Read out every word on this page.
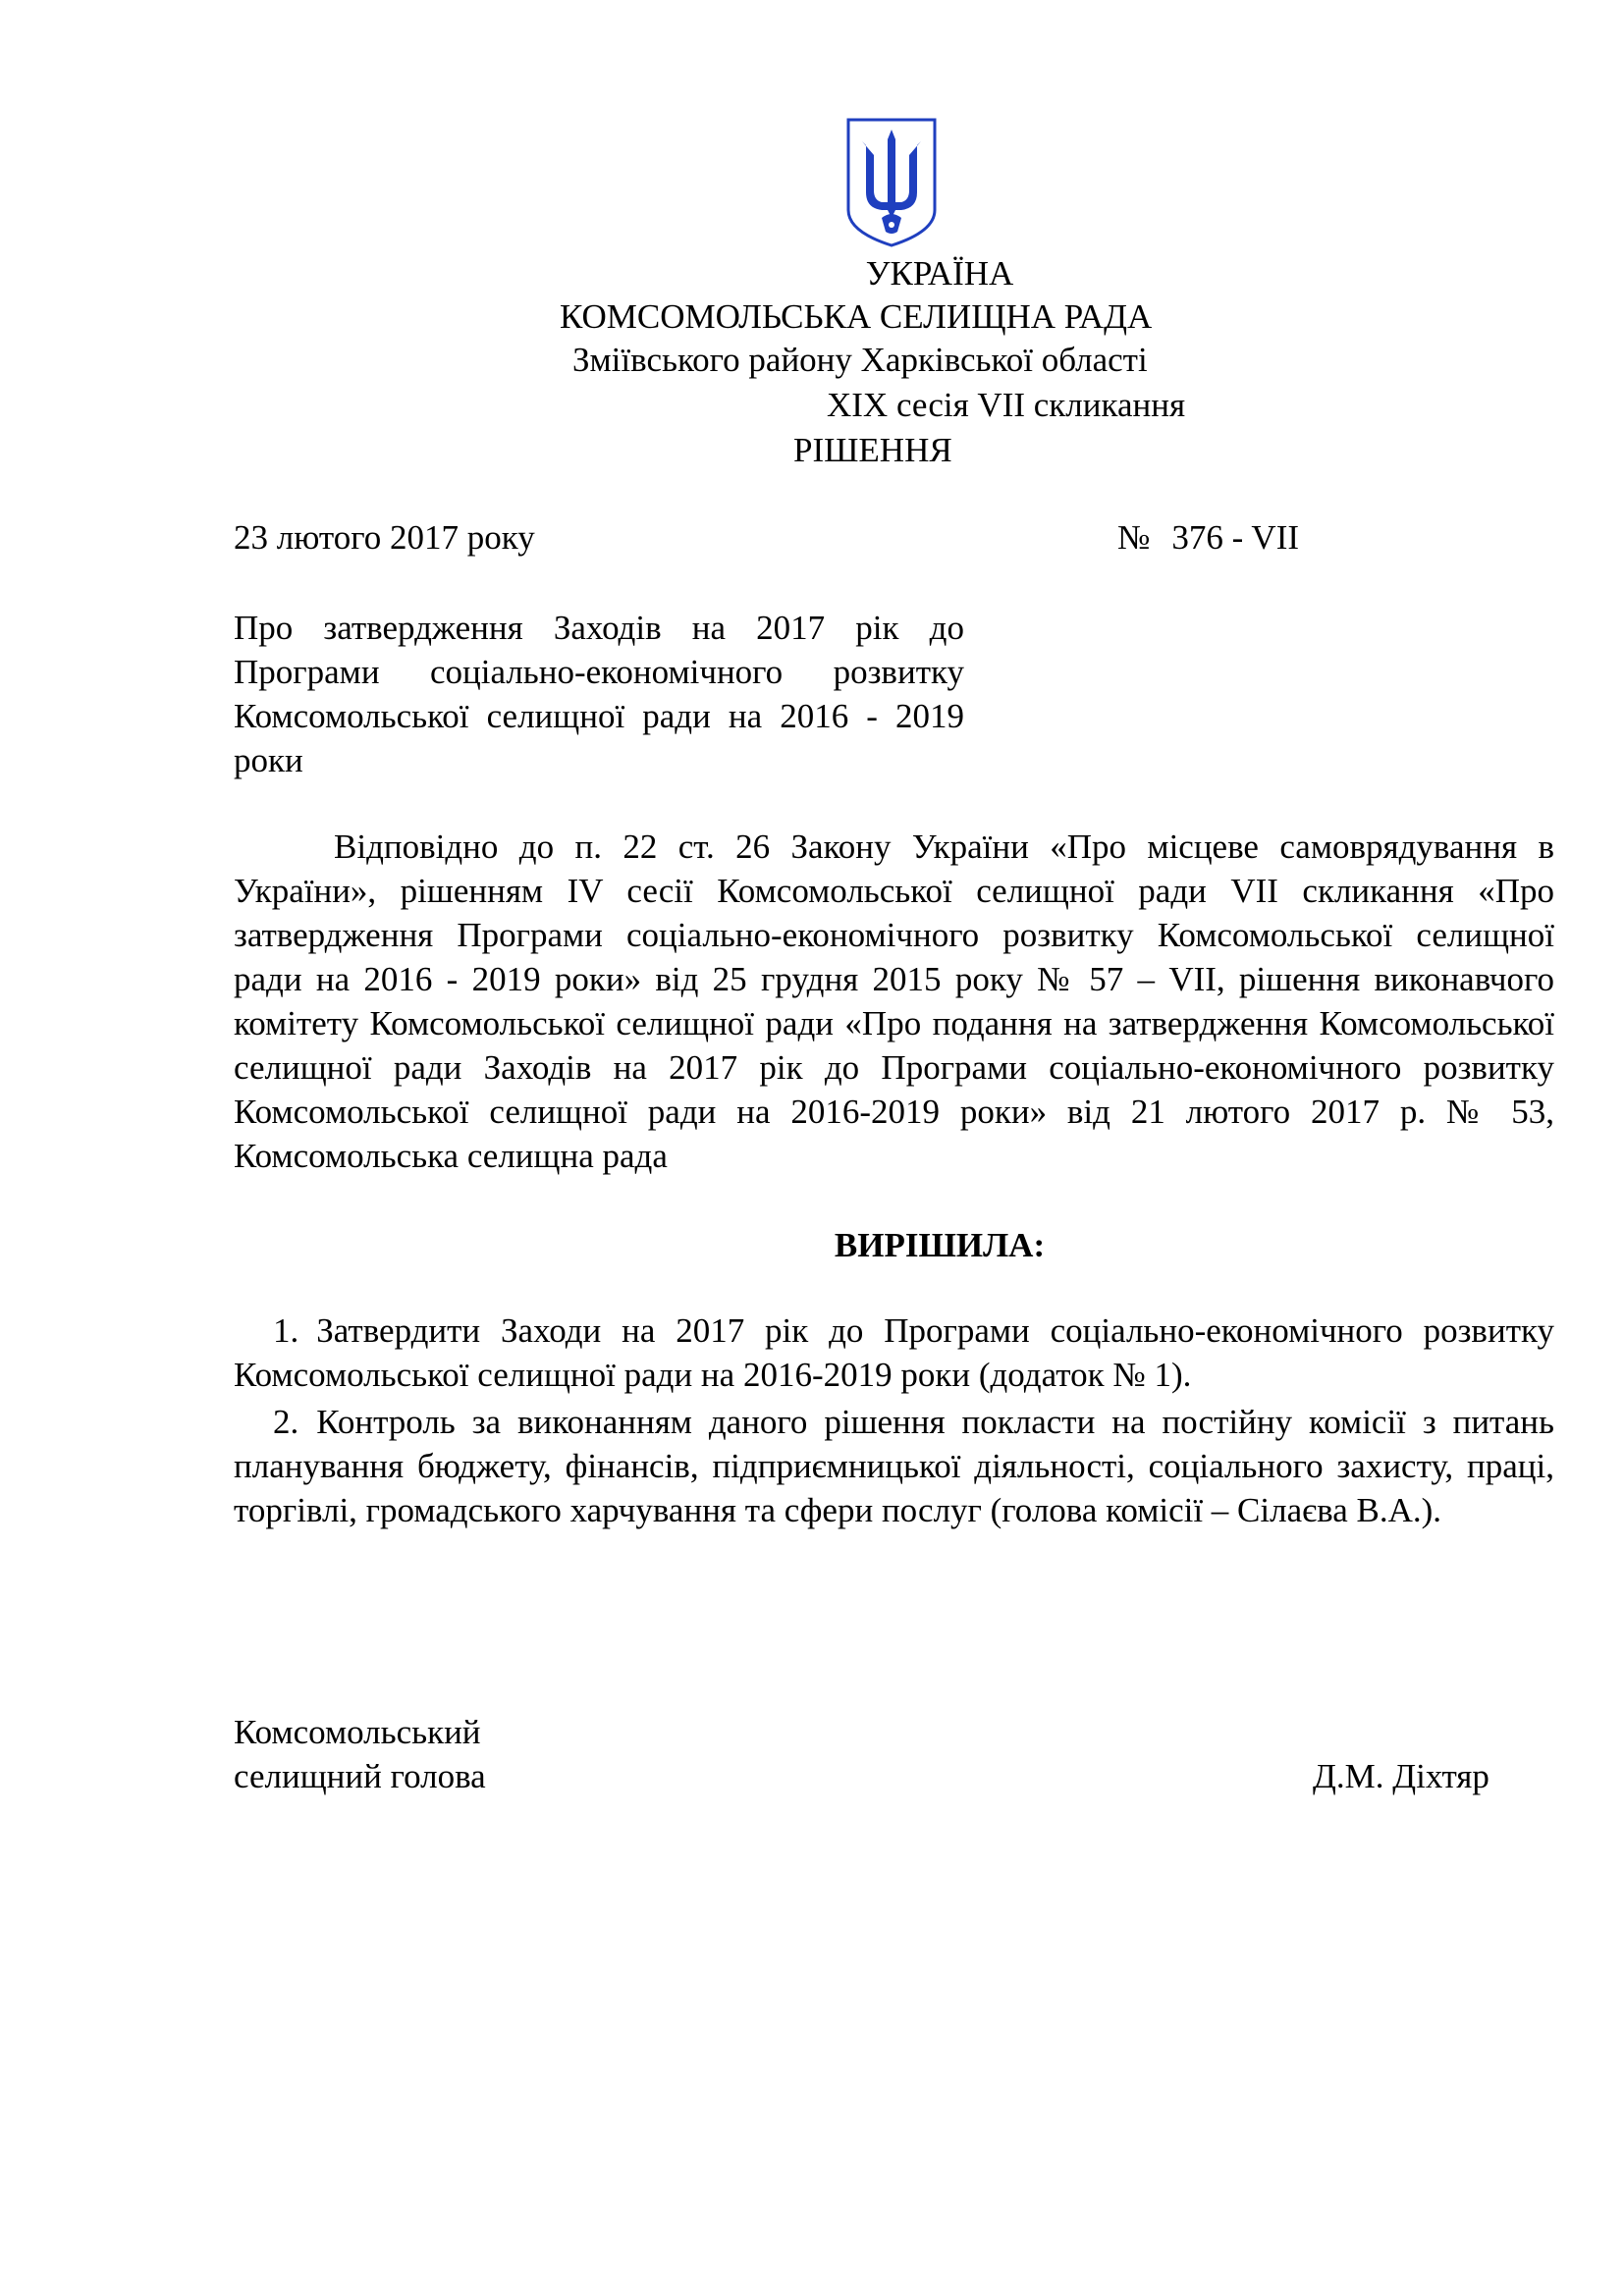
УКРАЇНА
КОМСОМОЛЬСЬКА СЕЛИЩНА РАДА
Зміївського району Харківської області
XIX сесія VII скликання
РІШЕННЯ
23 лютого 2017 року	№ 376 - VII
Про затвердження Заходів на 2017 рік до Програми соціально-економічного розвитку Комсомольської селищної ради на 2016 - 2019 роки
Відповідно до п. 22 ст. 26 Закону України «Про місцеве самоврядування в України», рішенням IV сесії Комсомольської селищної ради VII скликання «Про затвердження Програми соціально-економічного розвитку Комсомольської селищної ради на 2016 - 2019 роки» від 25 грудня 2015 року № 57 – VII, рішення виконавчого комітету Комсомольської селищної ради «Про подання на затвердження Комсомольської селищної ради Заходів на 2017 рік до Програми соціально-економічного розвитку Комсомольської селищної ради на 2016-2019 роки» від 21 лютого 2017 р. № 53, Комсомольська селищна рада
ВИРІШИЛА:

1. Затвердити Заходи на 2017 рік до Програми соціально-економічного розвитку Комсомольської селищної ради на 2016-2019 роки (додаток № 1).

2. Контроль за виконанням даного рішення покласти на постійну комісії з питань планування бюджету, фінансів, підприємницької діяльності, соціального захисту, праці, торгівлі, громадського харчування та сфери послуг (голова комісії – Сілаєва В.А.).

Комсомольський
селищний голова	Д.М. Діхтяр
